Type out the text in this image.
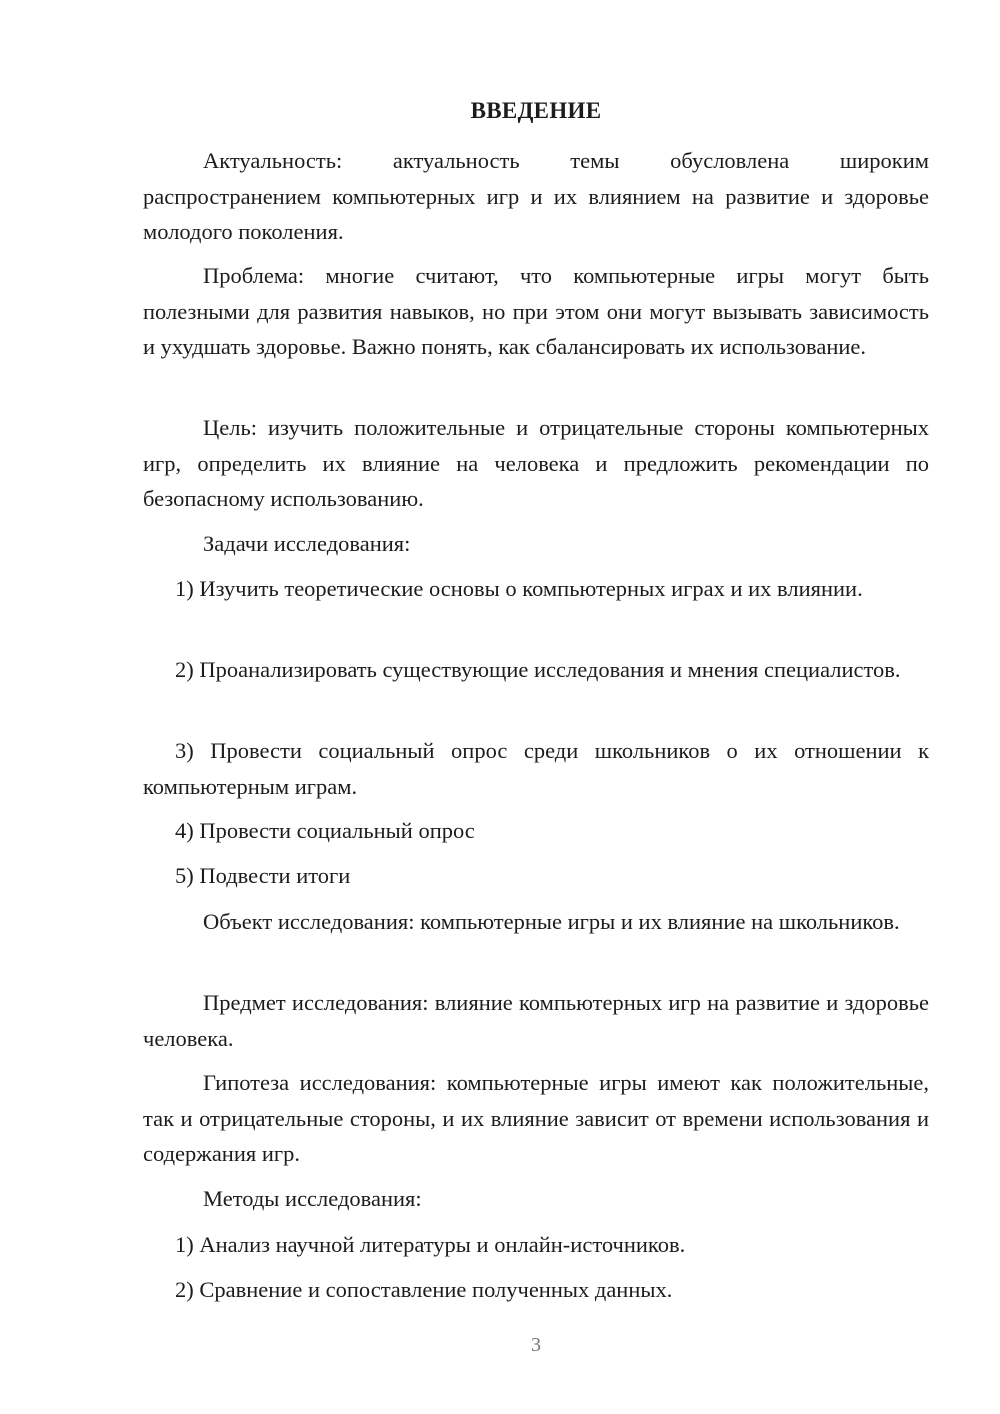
ВВЕДЕНИЕ

Актуальность: актуальность темы обусловлена широким распространением компьютерных игр и их влиянием на развитие и здоровье молодого поколения.

Проблема: многие считают, что компьютерные игры могут быть полезными для развития навыков, но при этом они могут вызывать зависимость и ухудшать здоровье. Важно понять, как сбалансировать их использование.

Цель: изучить положительные и отрицательные стороны компьютерных игр, определить их влияние на человека и предложить рекомендации по безопасному использованию.

Задачи исследования:

1) Изучить теоретические основы о компьютерных играх и их влиянии.

2) Проанализировать существующие исследования и мнения специалистов.

3) Провести социальный опрос среди школьников о их отношении к компьютерным играм.

4) Провести социальный опрос

5) Подвести итоги

Объект исследования: компьютерные игры и их влияние на школьников.

Предмет исследования: влияние компьютерных игр на развитие и здоровье человека.

Гипотеза исследования: компьютерные игры имеют как положительные, так и отрицательные стороны, и их влияние зависит от времени использования и содержания игр.

Методы исследования:

1) Анализ научной литературы и онлайн-источников.

2) Сравнение и сопоставление полученных данных.

3
